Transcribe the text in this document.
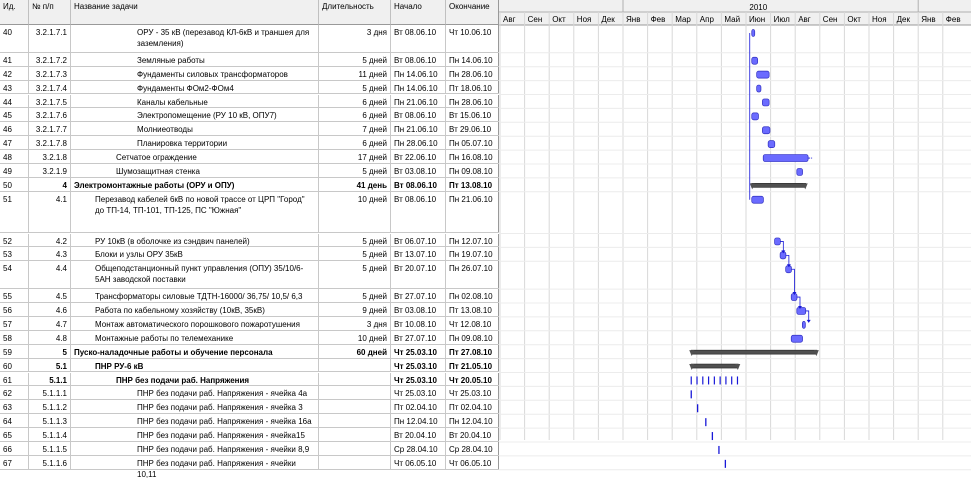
Ид.	№ п/п	Название задачи	Длительность	Начало	Окончание
40	3.2.1.7.1	ОРУ - 35 кВ (перезавод КЛ-6кВ и траншея для заземления)
3 дня Вт 08.06.10	Чт 10.06.10
41	3.2.1.7.2	Земляные работы	5 дней Вт 08.06.10	Пн 14.06.10
42	3.2.1.7.3	Фундаменты силовых трансформаторов	11 дней Пн 14.06.10	Пн 28.06.10
43	3.2.1.7.4	Фундаменты ФОм2-ФОм4	5 дней Пн 14.06.10	Пт 18.06.10
44	3.2.1.7.5	Каналы кабельные	6 дней Пн 21.06.10	Пн 28.06.10
45	3.2.1.7.6	Электропомещение (РУ 10 кВ, ОПУ7)	6 дней Вт 08.06.10	Вт 15.06.10
46	3.2.1.7.7	Молниеотводы	7 дней Пн 21.06.10	Вт 29.06.10
47	3.2.1.7.8	Планировка территории	6 дней Пн 28.06.10	Пн 05.07.10
48	3.2.1.8	Сетчатое ограждение	17 дней Вт 22.06.10	Пн 16.08.10
49	3.2.1.9	Шумозащитная стенка	5 дней Вт 03.08.10	Пн 09.08.10
50	4 Электромонтажные работы (ОРУ и ОПУ)	41 день Вт 08.06.10	Пт 13.08.10
51	4.1	Перезавод кабелей 6кВ по новой трассе от ЦРП "Город" до ТП-14, ТП-101, ТП-125, ПС "Южная"
10 дней Вт 08.06.10	Пн 21.06.10
52	4.2	РУ 10кВ (в оболочке из сэндвич панелей)	5 дней Вт 06.07.10	Пн 12.07.10
53	4.3	Блоки и узлы ОРУ 35кВ	5 дней Вт 13.07.10	Пн 19.07.10
54	4.4	Общеподстанционный пункт управления (ОПУ) 35/10/6-5АН заводской поставки
5 дней Вт 20.07.10	Пн 26.07.10
55	4.5	Трансформаторы силовые ТДТН-16000/ 36,75/ 10,5/ 6,3	5 дней Вт 27.07.10	Пн 02.08.10
56	4.6	Работа по кабельному хозяйству (10кВ, 35кВ)	9 дней Вт 03.08.10	Пт 13.08.10
57	4.7	Монтаж автоматического порошкового пожаротушения	3 дня Вт 10.08.10	Чт 12.08.10
58	4.8	Монтажные работы по телемеханике	10 дней Вт 27.07.10	Пн 09.08.10
59	5 Пуско-наладочные работы и обучение персонала	60 дней Чт 25.03.10	Пт 27.08.10
60	5.1	ПНР РУ-6 кВ	Чт 25.03.10	Пт 21.05.10
61	5.1.1	ПНР без подачи раб. Напряжения	Чт 25.03.10	Чт 20.05.10
62	5.1.1.1	ПНР без подачи раб. Напряжения - ячейка 4а	Чт 25.03.10	Чт 25.03.10
63	5.1.1.2	ПНР без подачи раб. Напряжения - ячейка 3	Пт 02.04.10	Пт 02.04.10
64	5.1.1.3	ПНР без подачи раб. Напряжения - ячейка 16а	Пн 12.04.10	Пн 12.04.10
65	5.1.1.4	ПНР без подачи раб. Напряжения - ячейка15	Вт 20.04.10	Вт 20.04.10
66	5.1.1.5	ПНР без подачи раб. Напряжения - ячейки 8,9	Ср 28.04.10	Ср 28.04.10
67	5.1.1.6	ПНР без подачи раб. Напряжения - ячейки 10,11
Чт 06.05.10	Чт 06.05.10
2010
Авг Сен Окт Ноя Дек Янв Фев Мар Апр Май Июн Июл Авг Сен Окт Ноя Дек Янв Фев
